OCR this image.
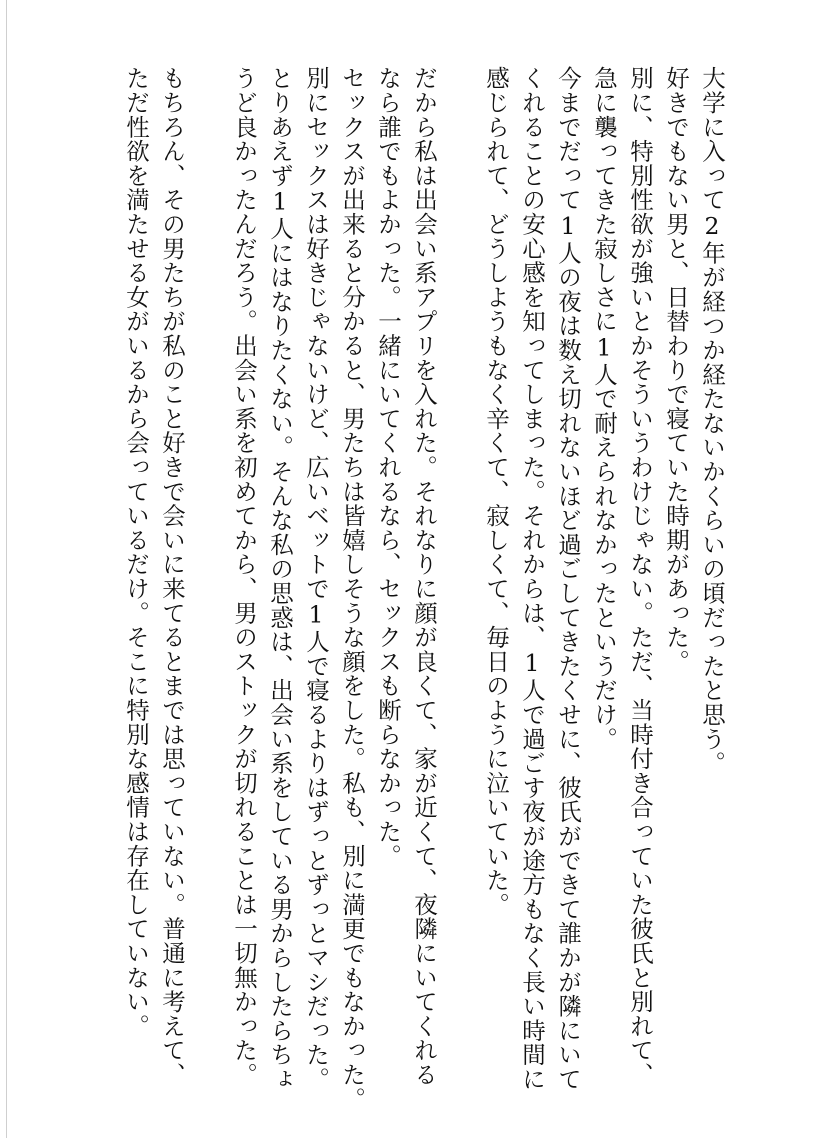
大学に入って2年が経つか経たないかくらいの頃だったと思う。
好きでもない男と、日替わりで寝ていた時期があった。
別に、特別性欲が強いとかそういうわけじゃない。ただ、当時付き合っていた彼氏と別れて、
急に襲ってきた寂しさに1人で耐えられなかったというだけ。
今までだって1人の夜は数え切れないほど過ごしてきたくせに、彼氏ができて誰かが隣にいて
くれることの安心感を知ってしまった。それからは、1人で過ごす夜が途方もなく長い時間に
感じられて、どうしようもなく辛くて、寂しくて、毎日のように泣いていた。
だから私は出会い系アプリを入れた。それなりに顔が良くて、家が近くて、夜隣にいてくれる
なら誰でもよかった。一緒にいてくれるなら、セックスも断らなかった。
セックスが出来ると分かると、男たちは皆嬉しそうな顔をした。私も、別に満更でもなかった。
別にセックスは好きじゃないけど、広いベットで1人で寝るよりはずっとずっとマシだった。
とりあえず1人にはなりたくない。そんな私の思惑は、出会い系をしている男からしたらちょ
うど良かったんだろう。出会い系を初めてから、男のストックが切れることは一切無かった。
もちろん、その男たちが私のこと好きで会いに来てるとまでは思っていない。普通に考えて、
ただ性欲を満たせる女がいるから会っているだけ。そこに特別な感情は存在していない。
